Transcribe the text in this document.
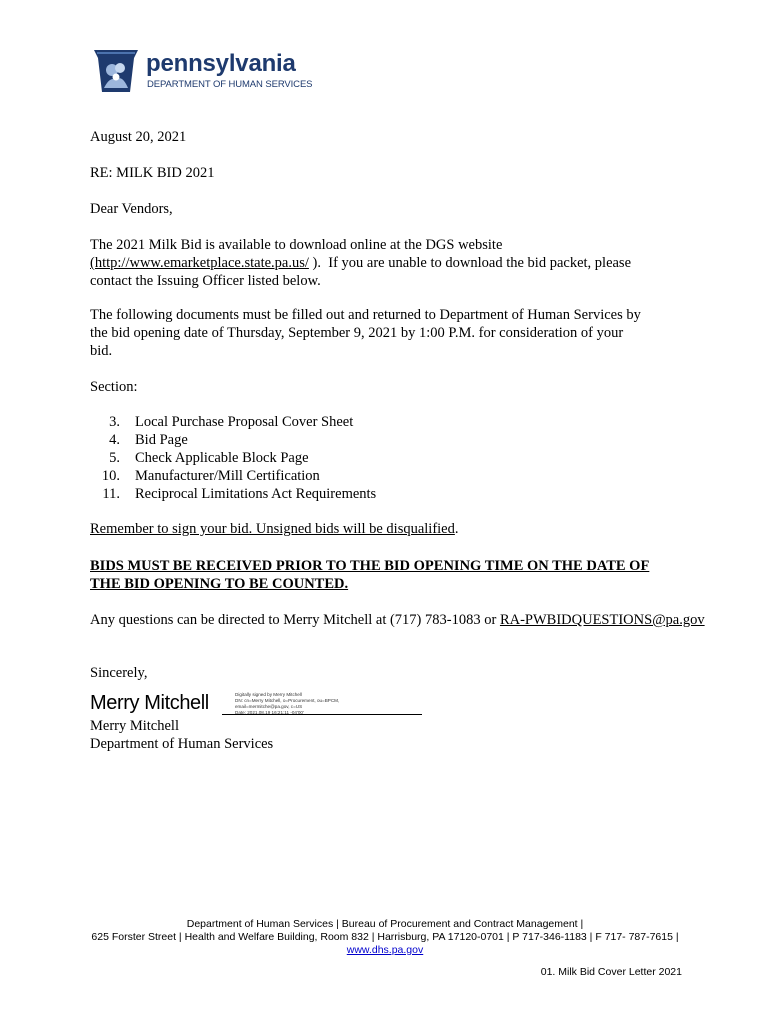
pennsylvania
DEPARTMENT OF HUMAN SERVICES
August 20, 2021
RE: MILK BID 2021
Dear Vendors,
The 2021 Milk Bid is available to download online at the DGS website
(http://www.emarketplace.state.pa.us/ ).  If you are unable to download the bid packet, please
contact the Issuing Officer listed below.
The following documents must be filled out and returned to Department of Human Services by
the bid opening date of Thursday, September 9, 2021 by 1:00 P.M. for consideration of your
bid.
Section:
3. Local Purchase Proposal Cover Sheet
4. Bid Page
5. Check Applicable Block Page
10. Manufacturer/Mill Certification
11. Reciprocal Limitations Act Requirements
Remember to sign your bid. Unsigned bids will be disqualified.
BIDS MUST BE RECEIVED PRIOR TO THE BID OPENING TIME ON THE DATE OF
THE BID OPENING TO BE COUNTED.
Any questions can be directed to Merry Mitchell at (717) 783-1083 or RA-PWBIDQUESTIONS@pa.gov
Sincerely,
Merry Mitchell	Digitally signed by Merry Mitchell
DN: cn=Merry Mitchell, o=Procurement, ou=BPCM,
email=mermitche@pa.gov, c=US
Date: 2021.08.19 16:21:11 -04'00'
Merry Mitchell
Department of Human Services
Department of Human Services | Bureau of Procurement and Contract Management |
625 Forster Street | Health and Welfare Building, Room 832 | Harrisburg, PA 17120-0701 | P 717-346-1183 | F 717- 787-7615 |
www.dhs.pa.gov
01. Milk Bid Cover Letter 2021
